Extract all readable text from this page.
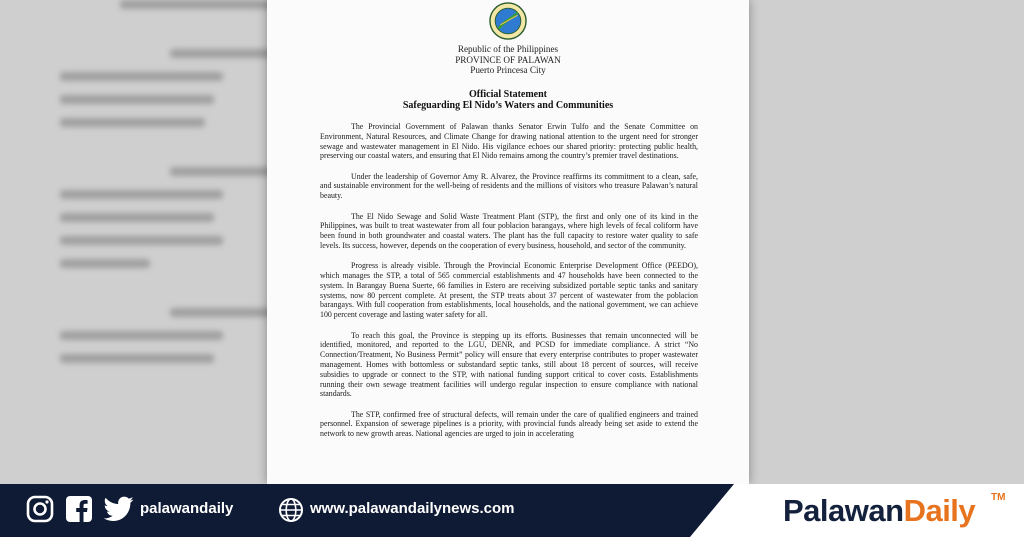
Republic of the Philippines
PROVINCE OF PALAWAN
Puerto Princesa City
Official Statement
Safeguarding El Nido’s Waters and Communities

The Provincial Government of Palawan thanks Senator Erwin Tulfo and the Senate Committee on Environment, Natural Resources, and Climate Change for drawing national attention to the urgent need for stronger sewage and wastewater management in El Nido. His vigilance echoes our shared priority: protecting public health, preserving our coastal waters, and ensuring that El Nido remains among the country’s premier travel destinations.

Under the leadership of Governor Amy R. Alvarez, the Province reaffirms its commitment to a clean, safe, and sustainable environment for the well-being of residents and the millions of visitors who treasure Palawan’s natural beauty.

The El Nido Sewage and Solid Waste Treatment Plant (STP), the first and only one of its kind in the Philippines, was built to treat wastewater from all four poblacion barangays, where high levels of fecal coliform have been found in both groundwater and coastal waters. The plant has the full capacity to restore water quality to safe levels. Its success, however, depends on the cooperation of every business, household, and sector of the community.

Progress is already visible. Through the Provincial Economic Enterprise Development Office (PEEDO), which manages the STP, a total of 565 commercial establishments and 47 households have been connected to the system. In Barangay Buena Suerte, 66 families in Estero are receiving subsidized portable septic tanks and sanitary systems, now 80 percent complete. At present, the STP treats about 37 percent of wastewater from the poblacion barangays. With full cooperation from establishments, local households, and the national government, we can achieve 100 percent coverage and lasting water safety for all.

To reach this goal, the Province is stepping up its efforts. Businesses that remain unconnected will be identified, monitored, and reported to the LGU, DENR, and PCSD for immediate compliance. A strict “No Connection/Treatment, No Business Permit” policy will ensure that every enterprise contributes to proper wastewater management. Homes with bottomless or substandard septic tanks, still about 18 percent of sources, will receive subsidies to upgrade or connect to the STP, with national funding support critical to cover costs. Establishments running their own sewage treatment facilities will undergo regular inspection to ensure compliance with national standards.

The STP, confirmed free of structural defects, will remain under the care of qualified engineers and trained personnel. Expansion of sewerage pipelines is a priority, with provincial funds already being set aside to extend the network to new growth areas. National agencies are urged to join in accelerating

palawandaily	www.palawandailynews.com	PalawanDaily TM
